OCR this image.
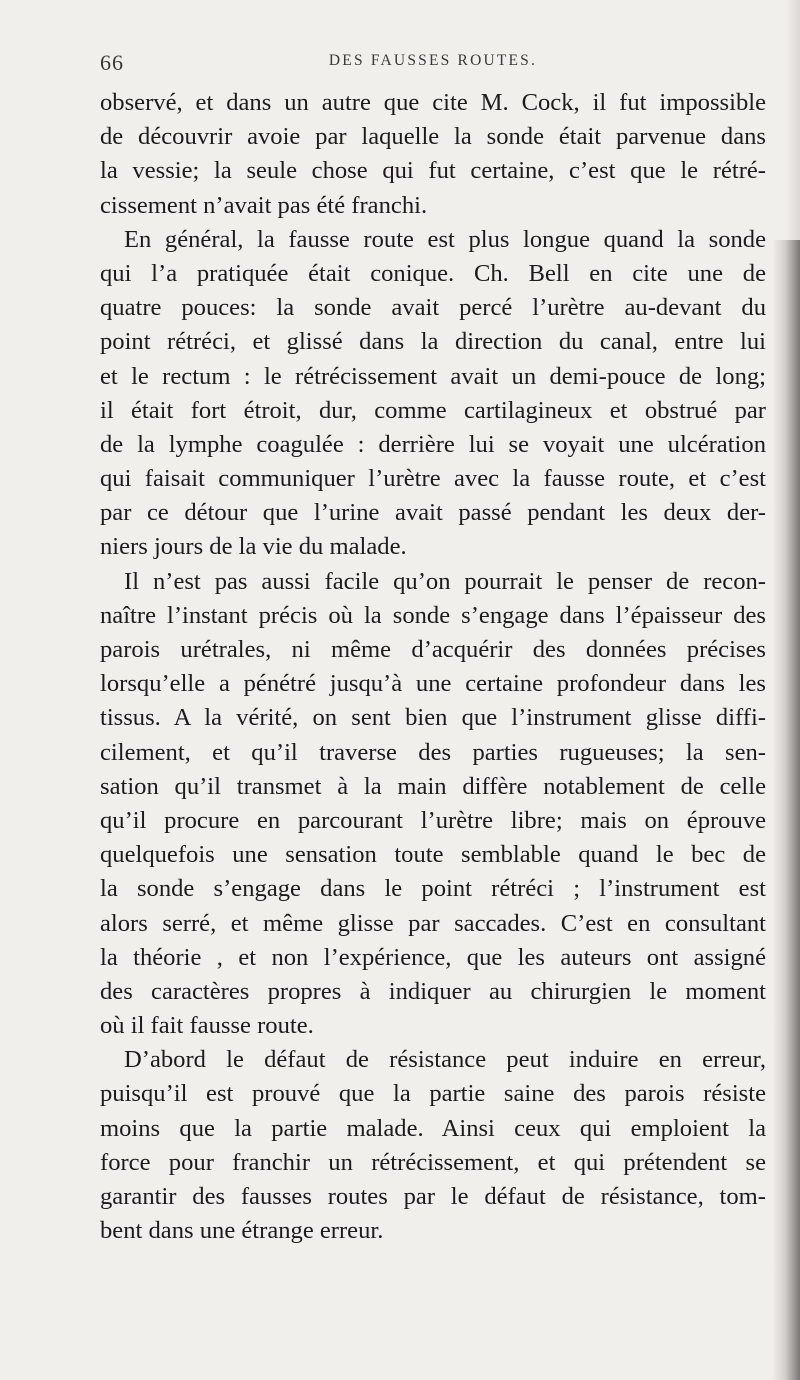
66	DES FAUSSES ROUTES.
observé, et dans un autre que cite M. Cock, il fut impossible
de découvrir avoie par laquelle la sonde était parvenue dans
la vessie; la seule chose qui fut certaine, c’est que le rétré-
cissement n’avait pas été franchi.
En général, la fausse route est plus longue quand la sonde
qui l’a pratiquée était conique. Ch. Bell en cite une de
quatre pouces: la sonde avait percé l’urètre au-devant du
point rétréci, et glissé dans la direction du canal, entre lui
et le rectum : le rétrécissement avait un demi-pouce de long;
il était fort étroit, dur, comme cartilagineux et obstrué par
de la lymphe coagulée : derrière lui se voyait une ulcération
qui faisait communiquer l’urètre avec la fausse route, et c’est
par ce détour que l’urine avait passé pendant les deux der-
niers jours de la vie du malade.
Il n’est pas aussi facile qu’on pourrait le penser de recon-
naître l’instant précis où la sonde s’engage dans l’épaisseur des
parois urétrales, ni même d’acquérir des données précises
lorsqu’elle a pénétré jusqu’à une certaine profondeur dans les
tissus. A la vérité, on sent bien que l’instrument glisse diffi-
cilement, et qu’il traverse des parties rugueuses; la sen-
sation qu’il transmet à la main diffère notablement de celle
qu’il procure en parcourant l’urètre libre; mais on éprouve
quelquefois une sensation toute semblable quand le bec de
la sonde s’engage dans le point rétréci ; l’instrument est
alors serré, et même glisse par saccades. C’est en consultant
la théorie , et non l’expérience, que les auteurs ont assigné
des caractères propres à indiquer au chirurgien le moment
où il fait fausse route.
D’abord le défaut de résistance peut induire en erreur,
puisqu’il est prouvé que la partie saine des parois résiste
moins que la partie malade. Ainsi ceux qui emploient la
force pour franchir un rétrécissement, et qui prétendent se
garantir des fausses routes par le défaut de résistance, tom-
bent dans une étrange erreur.
